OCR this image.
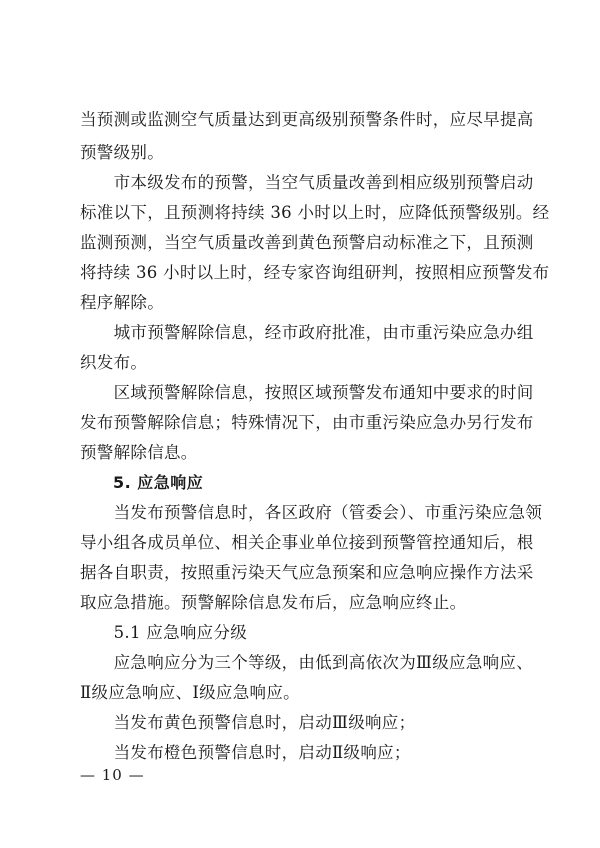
当预测或监测空气质量达到更高级别预警条件时，应尽早提高
预警级别。
　　市本级发布的预警，当空气质量改善到相应级别预警启动
标准以下，且预测将持续 36 小时以上时，应降低预警级别。经
监测预测，当空气质量改善到黄色预警启动标准之下，且预测
将持续 36 小时以上时，经专家咨询组研判，按照相应预警发布
程序解除。
　　城市预警解除信息，经市政府批准，由市重污染应急办组
织发布。
　　区域预警解除信息，按照区域预警发布通知中要求的时间
发布预警解除信息；特殊情况下，由市重污染应急办另行发布
预警解除信息。
　　5. 应急响应
　　当发布预警信息时，各区政府（管委会）、市重污染应急领
导小组各成员单位、相关企事业单位接到预警管控通知后，根
据各自职责，按照重污染天气应急预案和应急响应操作方法采
取应急措施。预警解除信息发布后，应急响应终止。
　　5.1 应急响应分级
　　应急响应分为三个等级，由低到高依次为Ⅲ级应急响应、
Ⅱ级应急响应、Ⅰ级应急响应。
　　当发布黄色预警信息时，启动Ⅲ级响应；
　　当发布橙色预警信息时，启动Ⅱ级响应；
— 10 —
